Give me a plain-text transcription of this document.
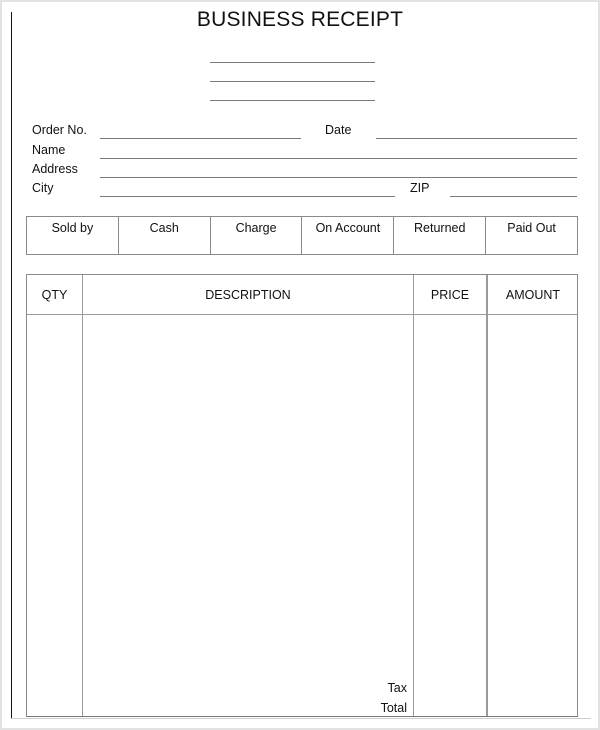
BUSINESS RECEIPT
Order No.	Date
Name
Address
City	ZIP
Sold by	Cash	Charge	On Account	Returned	Paid Out
QTY	DESCRIPTION	PRICE	AMOUNT
Tax
Total
